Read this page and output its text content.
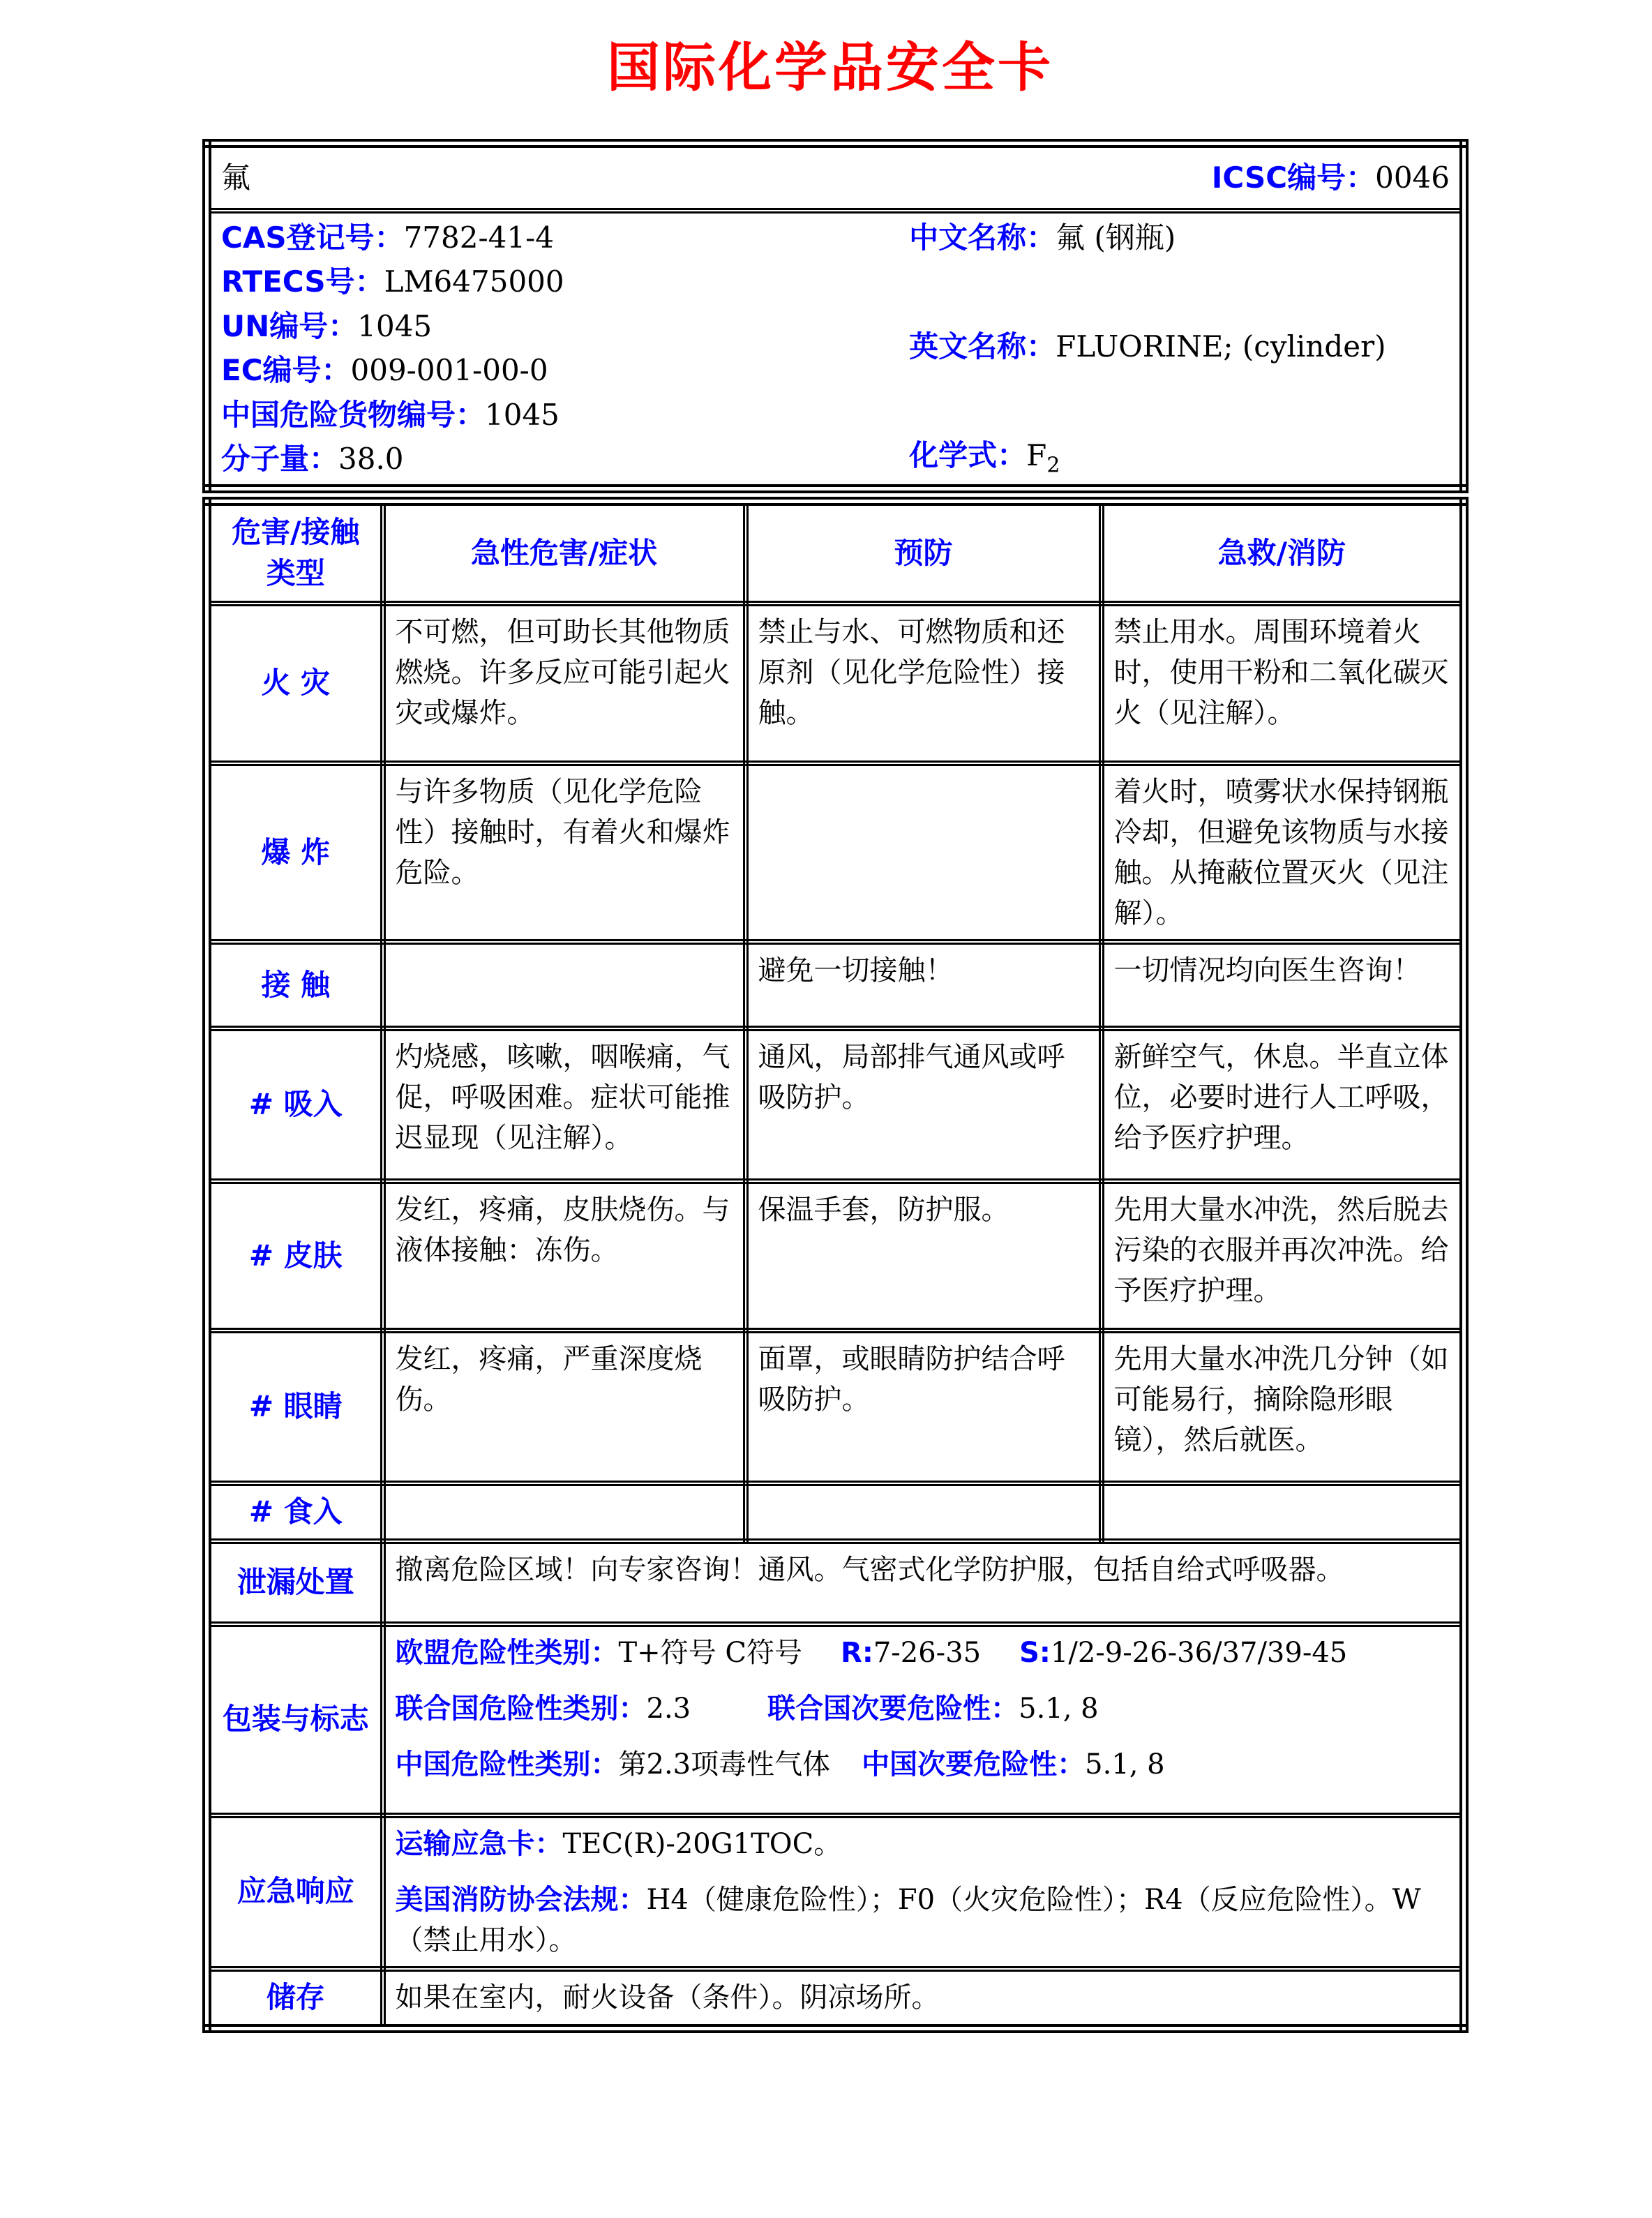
国际化学品安全卡
氟	ICSC编号：0046

CAS登记号：7782-41-4
RTECS号：LM6475000
UN编号：1045
EC编号：009-001-00-0
中国危险货物编号：1045
分子量：38.0
中文名称：氟 (钢瓶)
英文名称：FLUORINE; (cylinder)
化学式：$F_2$
危害/接触类型	急性危害/症状	预防	急救/消防
火 灾	不可燃，但可助长其他物质燃烧。许多反应可能引起火灾或爆炸。	禁止与水、可燃物质和还原剂（见化学危险性）接触。	禁止用水。周围环境着火时，使用干粉和二氧化碳灭火（见注解）。
爆 炸	与许多物质（见化学危险性）接触时，有着火和爆炸危险。		着火时，喷雾状水保持钢瓶冷却，但避免该物质与水接触。从掩蔽位置灭火（见注解）。
接 触		避免一切接触！	一切情况均向医生咨询！
# 吸入	灼烧感，咳嗽，咽喉痛，气促，呼吸困难。症状可能推迟显现（见注解）。	通风，局部排气通风或呼吸防护。	新鲜空气，休息。半直立体位，必要时进行人工呼吸，给予医疗护理。
# 皮肤	发红，疼痛，皮肤烧伤。与液体接触：冻伤。	保温手套，防护服。	先用大量水冲洗，然后脱去污染的衣服并再次冲洗。给予医疗护理。
# 眼睛	发红，疼痛，严重深度烧伤。	面罩，或眼睛防护结合呼吸防护。	先用大量水冲洗几分钟（如可能易行，摘除隐形眼镜），然后就医。
# 食入			
泄漏处置	撤离危险区域！向专家咨询！通风。气密式化学防护服，包括自给式呼吸器。		
包装与标志	欧盟危险性类别：T+符号 C符号 R:7-26-35 S:1/2-9-26-36/37/39-45
联合国危险性类别：2.3 联合国次要危险性：5.1, 8
中国危险性类别：第2.3项毒性气体 中国次要危险性：5.1, 8		

应急响应	运输应急卡：TEC(R)-20G1TOC。
美国消防协会法规：H4（健康危险性）；F0（火灾危险性）；R4（反应危险性）。W（禁止用水）。		

储存	如果在室内，耐火设备（条件）。阴凉场所。		
